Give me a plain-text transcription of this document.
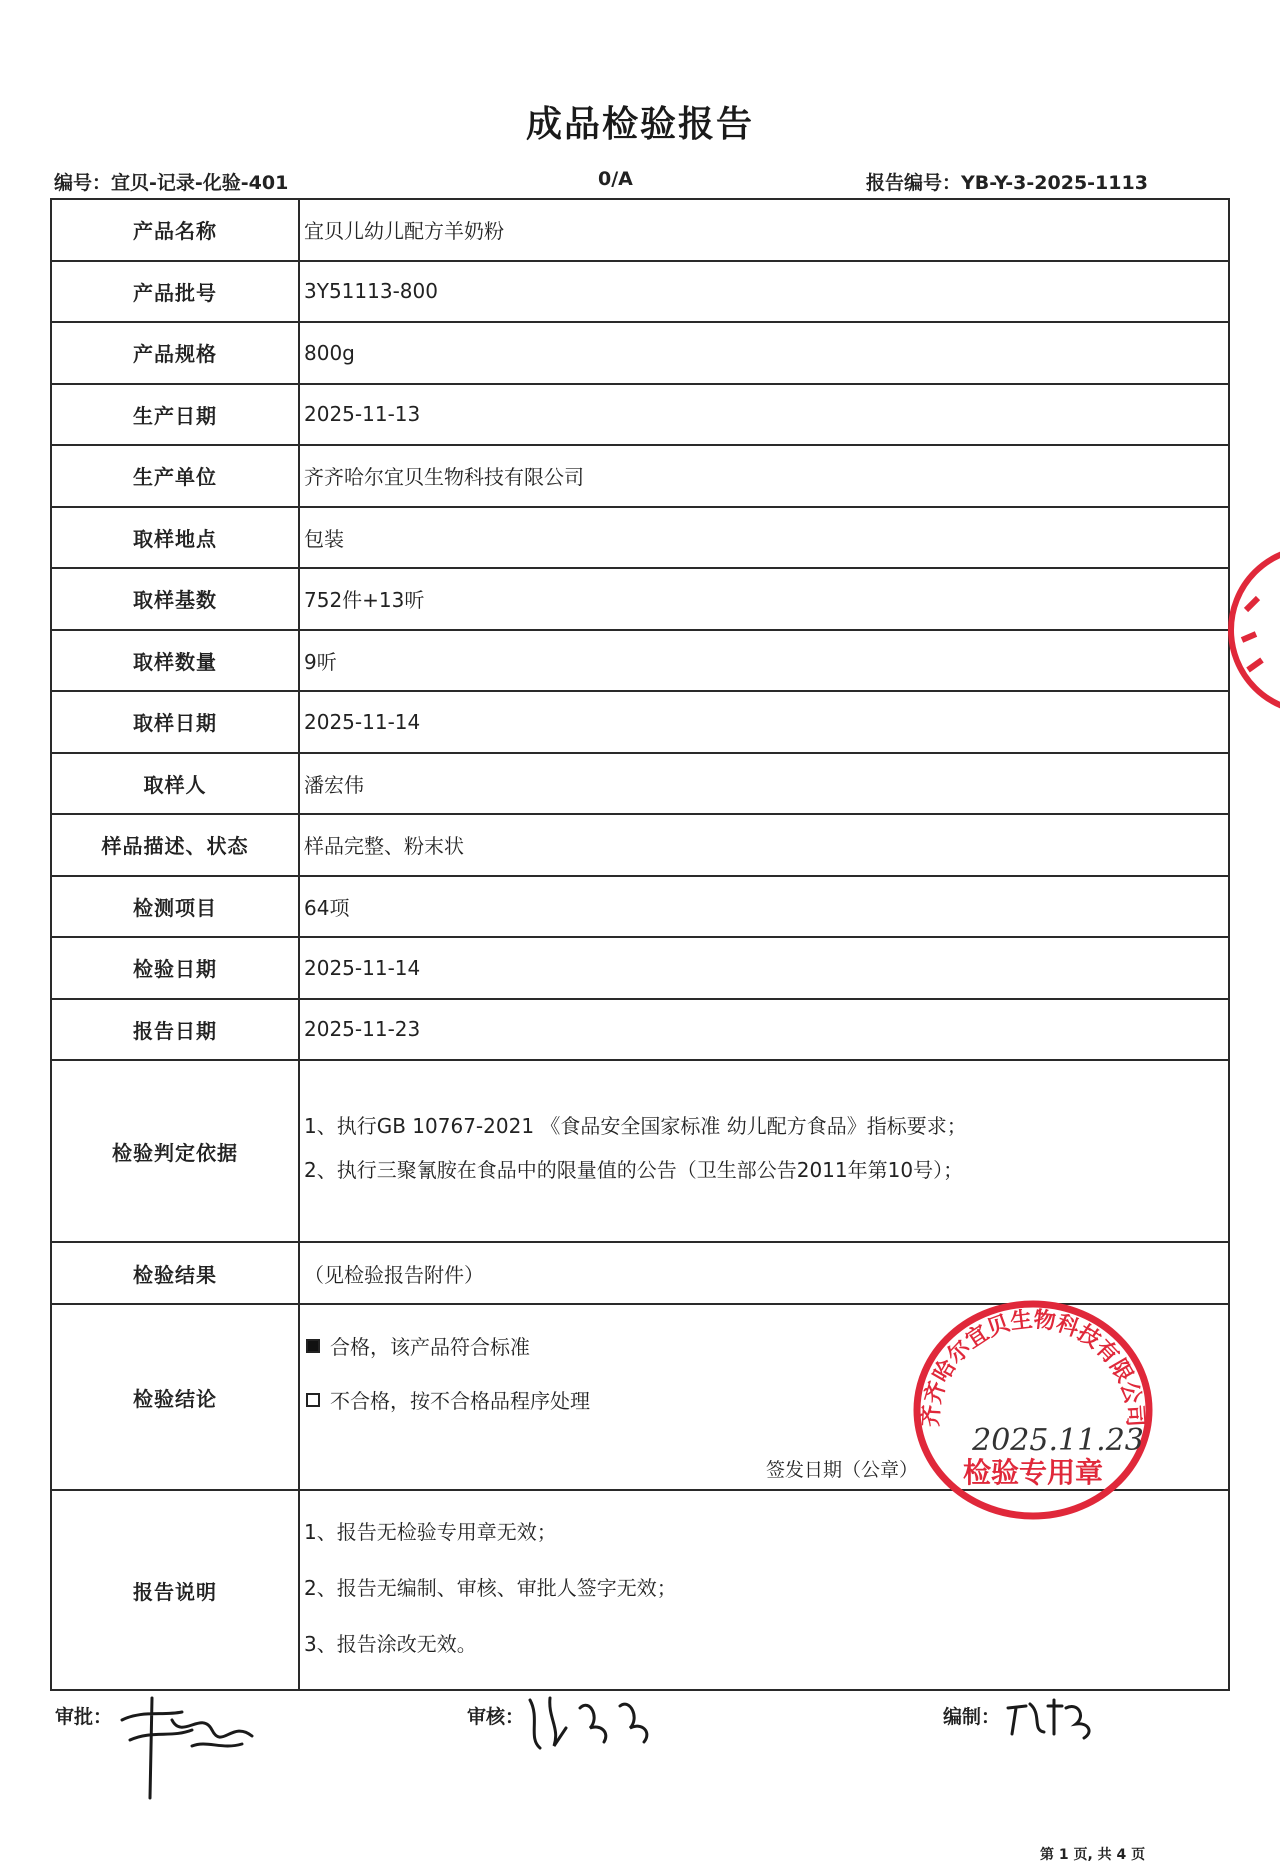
成品检验报告
编号：宜贝-记录-化验-401	0/A	报告编号：YB-Y-3-2025-1113
产品名称	宜贝儿幼儿配方羊奶粉
产品批号	3Y51113-800
产品规格	800g
生产日期	2025-11-13
生产单位	齐齐哈尔宜贝生物科技有限公司
取样地点	包装
取样基数	752件+13听
取样数量	9听
取样日期	2025-11-14
取样人	潘宏伟
样品描述、状态	样品完整、粉末状
检测项目	64项
检验日期	2025-11-14
报告日期	2025-11-23
检验判定依据	1、执行GB 10767-2021 《食品安全国家标准 幼儿配方食品》指标要求；
2、执行三聚氰胺在食品中的限量值的公告（卫生部公告2011年第10号）；

检验结果	（见检验报告附件）
检验结论	合格，该产品符合标准
不合格，按不合格品程序处理
签发日期（公章）

报告说明	1、报告无检验专用章无效；
2、报告无编制、审核、审批人签字无效；
3、报告涂改无效。
齐齐哈尔宜贝生物科技有限公司
检验专用章
2025.11.23
审批：	审核：	编制：
第 1 页, 共 4 页
